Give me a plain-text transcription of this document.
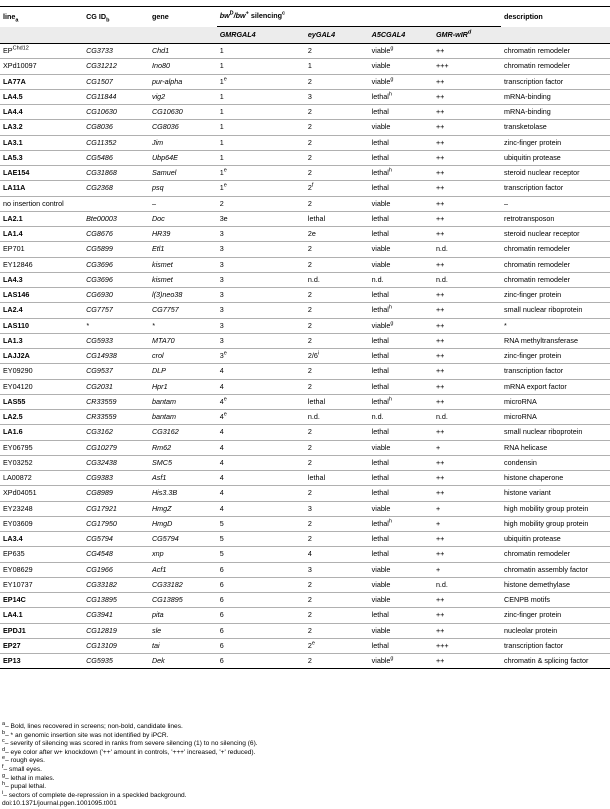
line$_a$	CG $ID_b$	gene	$bw^D/bw^+$ silencing$^c$				description
			GMRGAL4	eyGAL4	A5CGAL4	GMR-wIR$^d$	
$EP^{Chd12}$	CG3733	Chd1	1	2	viable$^g$	++	chromatin remodeler
XPd10097	CG31212	Ino80	1	1	viable	+++	chromatin remodeler
LA77A	CG1507	pur-alpha	1e	2	viable$^g$	++	transcription factor
LA4.5	CG11844	vig2	1	3	lethal$^h$	++	mRNA-binding
LA4.4	CG10630	CG10630	1	2	lethal	++	mRNA-binding
LA3.2	CG8036	CG8036	1	2	viable	++	transketolase
LA3.1	CG11352	Jim	1	2	lethal	++	zinc-finger protein
LA5.3	CG5486	Ubp64E	1	2	lethal	++	ubiquitin protease
LAE154	CG31868	Samuel	1e	2	lethal$^h$	++	steroid nuclear receptor
LA11A	CG2368	psq	1e	2$^f$	lethal	++	transcription factor
no insertion control		–	2	2	viable	++	–
LA2.1	Bte00003	Doc	3e	lethal	lethal	++	retrotransposon
LA1.4	CG8676	HR39	3	2e	lethal	++	steroid nuclear receptor
EP701	CG5899	Etl1	3	2	viable	n.d.	chromatin remodeler
EY12846	CG3696	kismet	3	2	viable	++	chromatin remodeler
LA4.3	CG3696	kismet	3	n.d.	n.d.	n.d.	chromatin remodeler
LAS146	CG6930	l(3)neo38	3	2	lethal	++	zinc-finger protein
LA2.4	CG7757	CG7757	3	2	lethal$^h$	++	small nuclear riboprotein
LAS110	*	*	3	2	viable$^g$	++	*
LA1.3	CG5933	MTA70	3	2	lethal	++	RNA methyltransferase
LAJJ2A	CG14938	crol	3e	2/6$^i$	lethal	++	zinc-finger protein
EY09290	CG9537	DLP	4	2	lethal	++	transcription factor
EY04120	CG2031	Hpr1	4	2	lethal	++	mRNA export factor
LAS55	CR33559	bantam	4e	lethal	lethal$^h$	++	microRNA
LA2.5	CR33559	bantam	4e	n.d.	n.d.	n.d.	microRNA
LA1.6	CG3162	CG3162	4	2	lethal	++	small nuclear riboprotein
EY06795	CG10279	Rm62	4	2	viable	+	RNA helicase
EY03252	CG32438	SMC5	4	2	lethal	++	condensin
LA00872	CG9383	Asf1	4	lethal	lethal	++	histone chaperone
XPd04051	CG8989	His3.3B	4	2	lethal	++	histone variant
EY23248	CG17921	HmgZ	4	3	viable	+	high mobility group protein
EY03609	CG17950	HmgD	5	2	lethal$^h$	+	high mobility group protein
LA3.4	CG5794	CG5794	5	2	lethal	++	ubiquitin protease
EP635	CG4548	xnp	5	4	lethal	++	chromatin remodeler
EY08629	CG1966	Acf1	6	3	viable	+	chromatin assembly factor
EY10737	CG33182	CG33182	6	2	viable	n.d.	histone demethylase
EP14C	CG13895	CG13895	6	2	viable	++	CENPB motifs
LA4.1	CG3941	pita	6	2	lethal	++	zinc-finger protein
EPDJ1	CG12819	sle	6	2	viable	++	nucleolar protein
EP27	CG13109	tai	6	2e	lethal	+++	transcription factor
EP13	CG5935	Dek	6	2	viable$^g$	++	chromatin & splicing factor
$^a$– Bold, lines recovered in screens; non-bold, candidate lines.
$^b$– * an genomic insertion site was not identified by iPCR.
$^c$– severity of silencing was scored in ranks from severe silencing (1) to no silencing (6).
$^d$– eye color after w+ knockdown ('++' amount in controls, '+++' increased, '+' reduced).
$^e$– rough eyes.
$^f$– small eyes.
$^g$– lethal in males.
$^h$– pupal lethal.
$^i$– sectors of complete de-repression in a speckled background.
doi:10.1371/journal.pgen.1001095.t001
